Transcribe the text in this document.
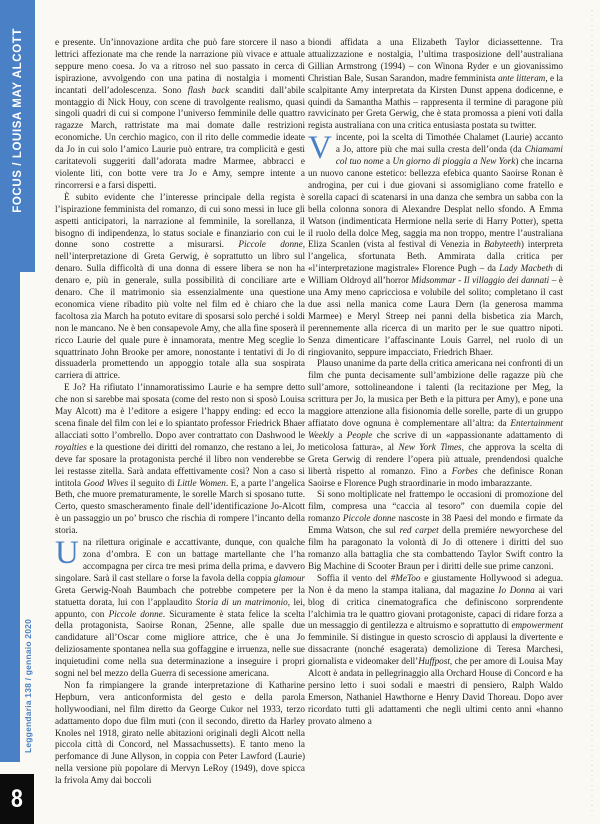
FOCUS / LOUISA MAY ALCOTT
Leggendaria 138 / gennaio 2020
8

e presente. Un’innovazione ardita che può fare storcere il naso a lettrici affezionate ma che rende la narrazione più vivace e attuale seppure meno coesa. Jo va a ritroso nel suo passato in cerca di ispirazione, avvolgendo con una patina di nostalgia i momenti incantati dell’adolescenza. Sono flash back scanditi dall’abile montaggio di Nick Houy, con scene di travolgente realismo, quasi singoli quadri di cui si compone l’universo femminile delle quattro ragazze March, rattristate ma mai domate dalle restrizioni economiche. Un cerchio magico, con il rito delle commedie ideate da Jo in cui solo l’amico Laurie può entrare, tra complicità e gesti caritatevoli suggeriti dall’adorata madre Marmee, abbracci e violente liti, con botte vere tra Jo e Amy, sempre intente a rincorrersi e a farsi dispetti.

È subito evidente che l’interesse principale della regista è l’ispirazione femminista del romanzo, di cui sono messi in luce gli aspetti anticipatori, la narrazione al femminile, la sorellanza, il bisogno di indipendenza, lo status sociale e finanziario con cui le donne sono costrette a misurarsi. Piccole donne, nell’interpretazione di Greta Gerwig, è soprattutto un libro sul denaro. Sulla difficoltà di una donna di essere libera se non ha denaro e, più in generale, sulla possibilità di conciliare arte e denaro. Che il matrimonio sia essenzialmente una questione economica viene ribadito più volte nel film ed è chiaro che la facoltosa zia March ha potuto evitare di sposarsi solo perché i soldi non le mancano. Ne è ben consapevole Amy, che alla fine sposerà il ricco Laurie del quale pure è innamorata, mentre Meg sceglie lo squattrinato John Brooke per amore, nonostante i tentativi di Jo di dissuaderla promettendo un appoggio totale alla sua sospirata carriera di attrice.

E Jo? Ha rifiutato l’innamoratissimo Laurie e ha sempre detto che non si sarebbe mai sposata (come del resto non si sposò Louisa May Alcott) ma è l’editore a esigere l’happy ending: ed ecco la scena finale del film con lei e lo spiantato professor Friedrick Bhaer allacciati sotto l’ombrello. Dopo aver contrattato con Dashwood le royalties e la questione dei diritti del romanzo, che restano a lei, Jo deve far sposare la protagonista perché il libro non venderebbe se lei restasse zitella. Sarà andata effettivamente così? Non a caso si intitola Good Wives il seguito di Little Women. E, a parte l’angelica Beth, che muore prematuramente, le sorelle March si sposano tutte. Certo, questo smascheramento finale dell’identificazione Jo-Alcott è un passaggio un po’ brusco che rischia di rompere l’incanto della storia.

Una rilettura originale e accattivante, dunque, con qualche zona d’ombra. E con un battage martellante che l’ha accompagna per circa tre mesi prima della prima, e davvero singolare. Sarà il cast stellare o forse la favola della coppia glamour Greta Gerwig-Noah Baumbach che potrebbe competere per la statuetta dorata, lui con l’applaudito Storia di un matrimonio, lei, appunto, con Piccole donne. Sicuramente è stata felice la scelta della protagonista, Saoirse Ronan, 25enne, alle spalle due candidature all’Oscar come migliore attrice, che è una Jo deliziosamente spontanea nella sua goffaggine e irruenza, nelle sue inquietudini come nella sua determinazione a inseguire i propri sogni nel bel mezzo della Guerra di secessione americana.

Non fa rimpiangere la grande interpretazione di Katharine Hepburn, vera anticonformista del gesto e della parola hollywoodiani, nel film diretto da George Cukor nel 1933, terzo adattamento dopo due film muti (con il secondo, diretto da Harley Knoles nel 1918, girato nelle abitazioni originali degli Alcott nella piccola città di Concord, nel Massachussetts). E tanto meno la perfomance di June Allyson, in coppia con Peter Lawford (Laurie) nella versione più popolare di Mervyn LeRoy (1949), dove spicca la frivola Amy dai boccoli

biondi affidata a una Elizabeth Taylor diciassettenne. Tra attualizzazione e nostalgia, l’ultima trasposizione dell’australiana Gillian Armstrong (1994) – con Winona Ryder e un giovanissimo Christian Bale, Susan Sarandon, madre femminista ante litteram, e la scalpitante Amy interpretata da Kirsten Dunst appena dodicenne, e quindi da Samantha Mathis – rappresenta il termine di paragone più ravvicinato per Greta Gerwig, che è stata promossa a pieni voti dalla regista australiana con una critica entusiasta postata su twitter.

Vincente, poi la scelta di Timothée Chalamet (Laurie) accanto a Jo, attore più che mai sulla cresta dell’onda (da Chiamami col tuo nome a Un giorno di pioggia a New York) che incarna un nuovo canone estetico: bellezza efebica quanto Saoirse Ronan è androgina, per cui i due giovani si assomigliano come fratello e sorella capaci di scatenarsi in una danza che sembra un sabba con la bella colonna sonora di Alexandre Desplat nello sfondo. A Emma Watson (indimenticata Hermione nella serie di Harry Potter), spetta il ruolo della dolce Meg, saggia ma non troppo, mentre l’australiana Eliza Scanlen (vista al festival di Venezia in Babyteeth) interpreta l’angelica, sfortunata Beth. Ammirata dalla critica per «l’interpretazione magistrale» Florence Pugh – da Lady Macbeth di William Oldroyd all’horror Midsommar - Il villaggio dei dannati – è una Amy meno capricciosa e volubile del solito; completano il cast due assi nella manica come Laura Dern (la generosa mamma Marmee) e Meryl Streep nei panni della bisbetica zia March, perennemente alla ricerca di un marito per le sue quattro nipoti. Senza dimenticare l’affascinante Louis Garrel, nel ruolo di un ringiovanito, seppure impacciato, Friedrich Bhaer.

Plauso unanime da parte della critica americana nei confronti di un film che punta decisamente sull’ambizione delle ragazze più che sull’amore, sottolineandone i talenti (la recitazione per Meg, la scrittura per Jo, la musica per Beth e la pittura per Amy), e pone una maggiore attenzione alla fisionomia delle sorelle, parte di un gruppo affiatato dove ognuna è complementare all’altra: da Entertainment Weekly a People che scrive di un «appassionante adattamento di meticolosa fattura», al New York Times, che approva la scelta di Greta Gerwig di rendere l’opera più attuale, prendendosi qualche libertà rispetto al romanzo. Fino a Forbes che definisce Ronan Saoirse e Florence Pugh straordinarie in modo imbarazzante.

Si sono moltiplicate nel frattempo le occasioni di promozione del film, compresa una “caccia al tesoro” con duemila copie del romanzo Piccole donne nascoste in 38 Paesi del mondo e firmate da Emma Watson, che sul red carpet della premiére newyorchese del film ha paragonato la volontà di Jo di ottenere i diritti del suo romanzo alla battaglia che sta combattendo Taylor Swift contro la Big Machine di Scooter Braun per i diritti delle sue prime canzoni.

Soffia il vento del #MeToo e giustamente Hollywood si adegua. Non è da meno la stampa italiana, dal magazine Io Donna ai vari blog di critica cinematografica che definiscono sorprendente l’alchimia tra le quattro giovani protagoniste, capaci di ridare forza a un messaggio di gentilezza e altruismo e soprattutto di empowerment femminile. Si distingue in questo scroscio di applausi la divertente e dissacrante (nonché esagerata) demolizione di Teresa Marchesi, giornalista e videomaker dell’Huffpost, che per amore di Louisa May Alcott è andata in pellegrinaggio alla Orchard House di Concord e ha persino letto i suoi sodali e maestri di pensiero, Ralph Waldo Emerson, Nathaniel Hawthorne e Henry David Thoreau. Dopo aver ricordato tutti gli adattamenti che negli ultimi cento anni «hanno provato almeno a
